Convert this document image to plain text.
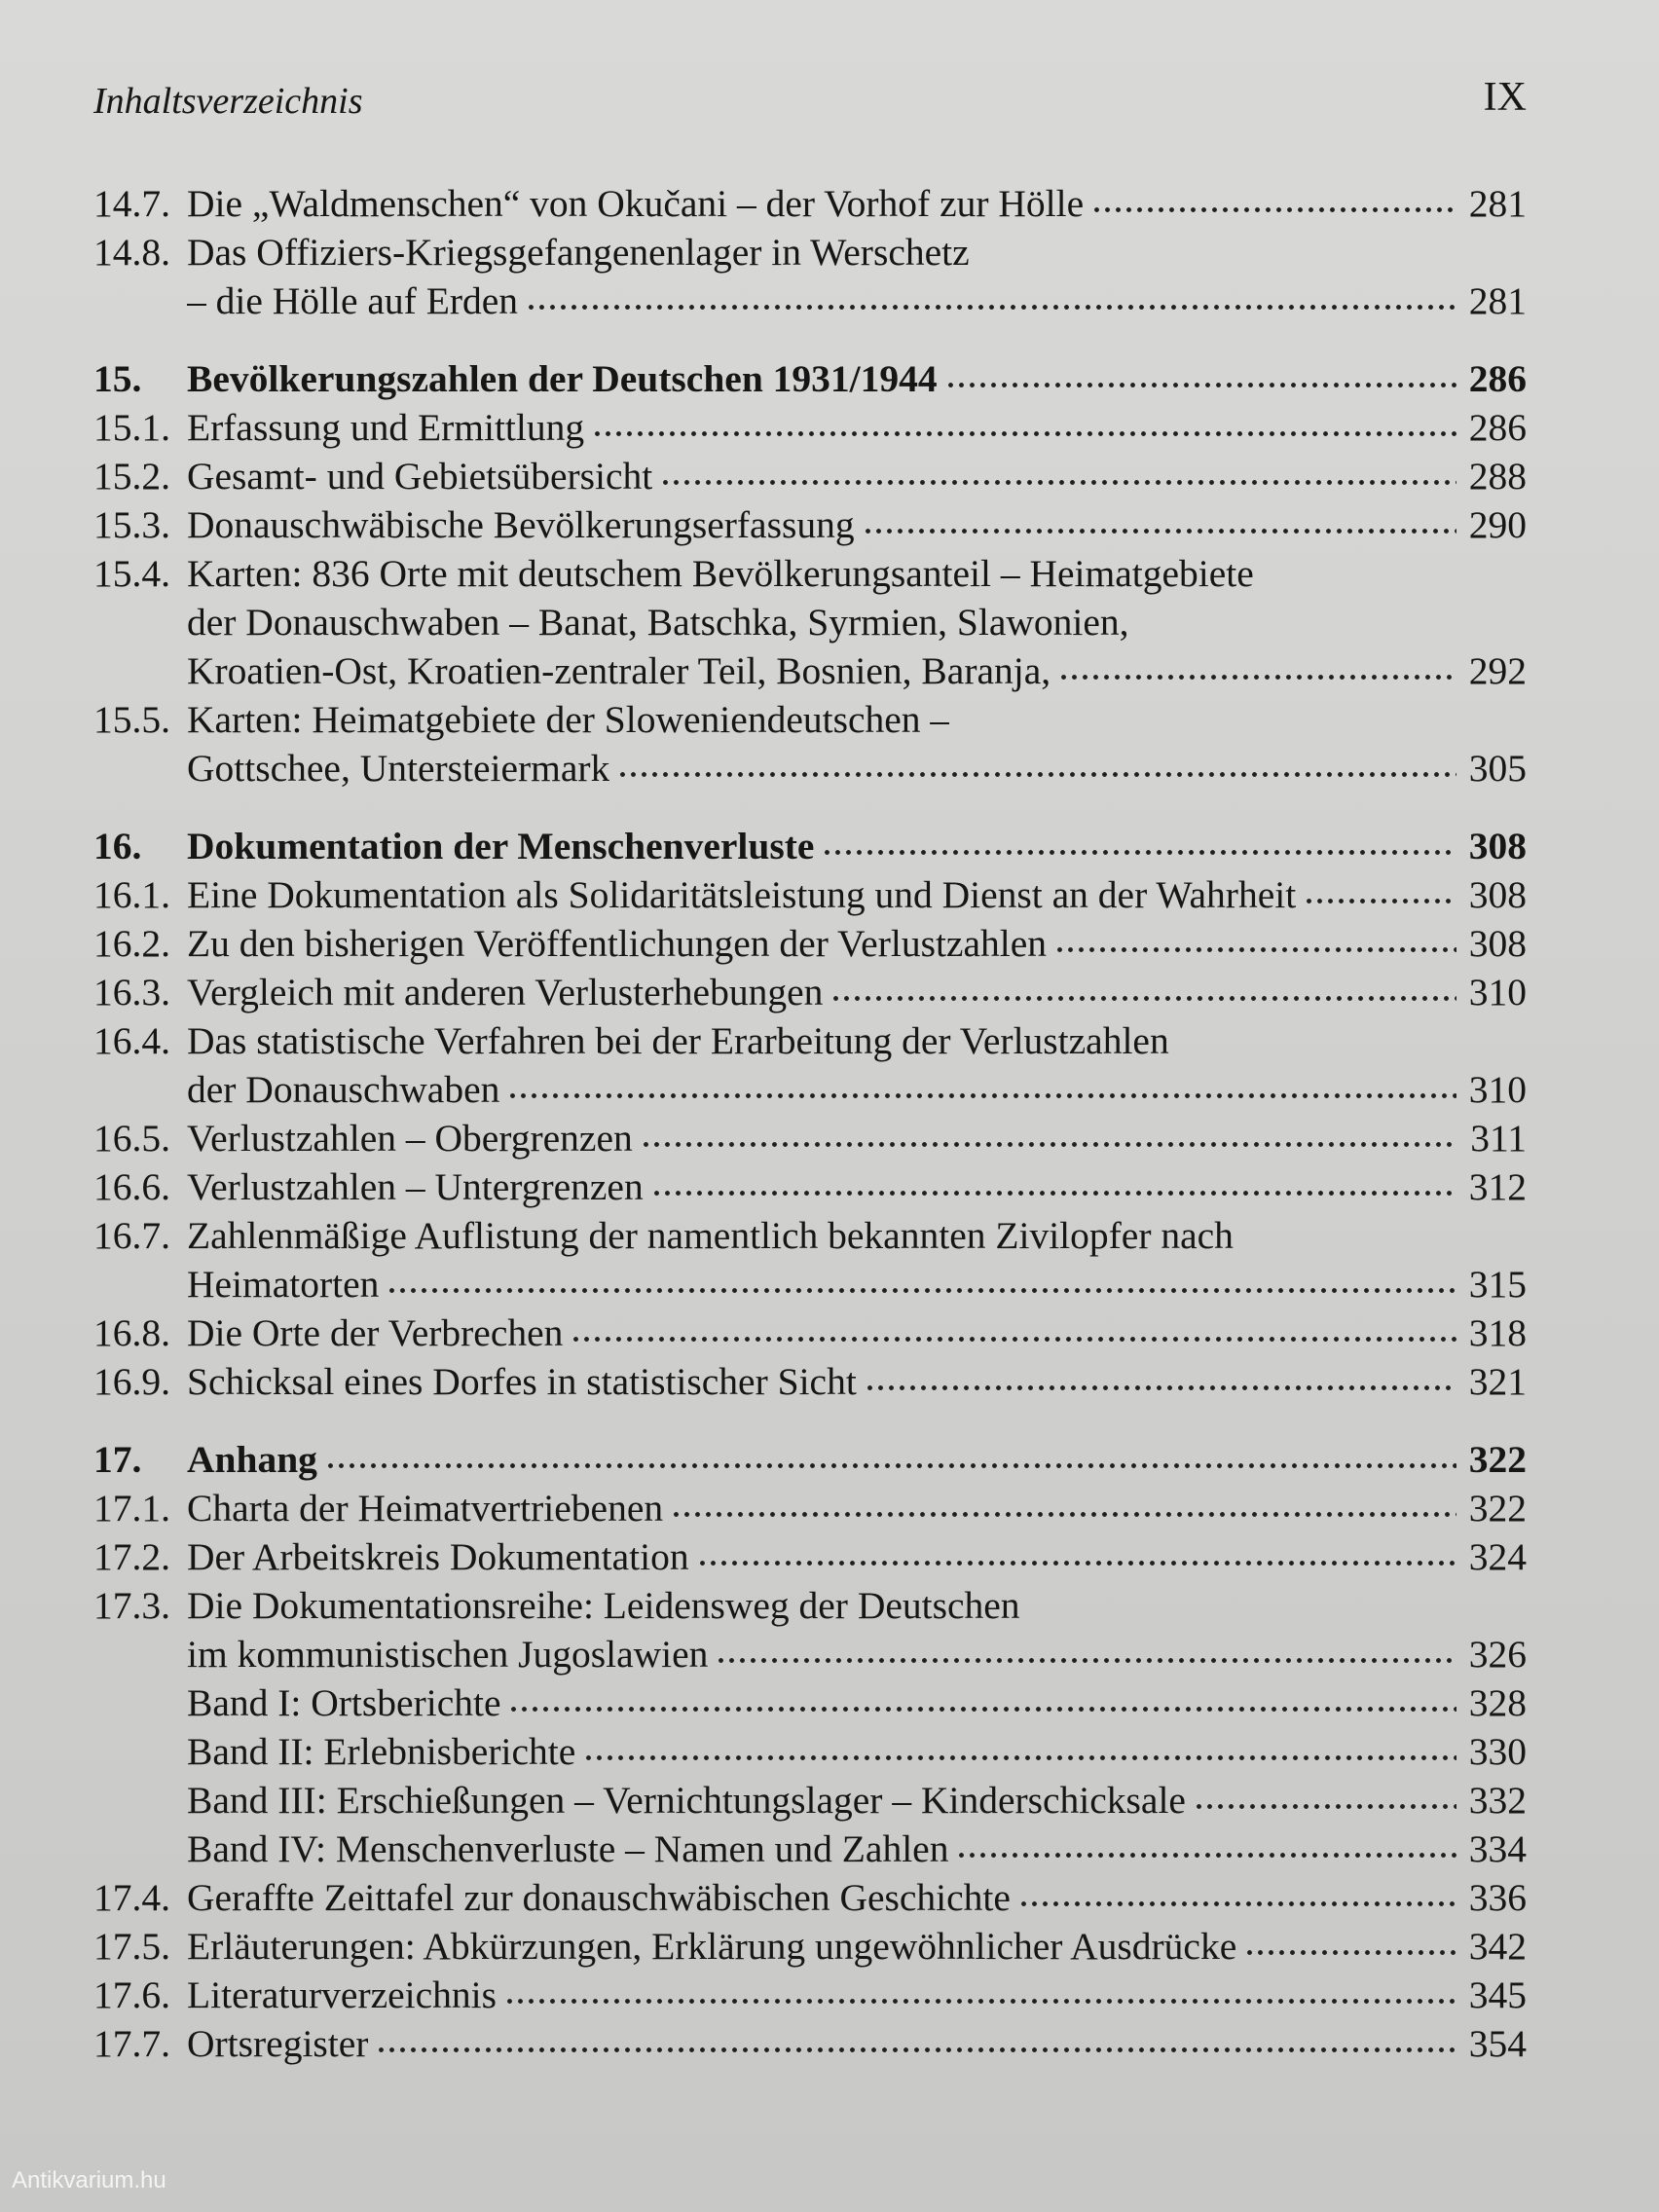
Inhaltsverzeichnis	IX
14.7. Die „Waldmenschen“ von Okučani – der Vorhof zur Hölle	281
14.8. Das Offiziers-Kriegsgefangenenlager in Werschetz
– die Hölle auf Erden	281
15.	Bevölkerungszahlen der Deutschen 1931/1944	286
15.1. Erfassung und Ermittlung	286
15.2. Gesamt- und Gebietsübersicht	288
15.3. Donauschwäbische Bevölkerungserfassung	290
15.4. Karten: 836 Orte mit deutschem Bevölkerungsanteil – Heimatgebiete
der Donauschwaben – Banat, Batschka, Syrmien, Slawonien,
Kroatien-Ost, Kroatien-zentraler Teil, Bosnien, Baranja,	292
15.5. Karten: Heimatgebiete der Sloweniendeutschen –
Gottschee, Untersteiermark	305
16.	Dokumentation der Menschenverluste	308
16.1. Eine Dokumentation als Solidaritätsleistung und Dienst an der Wahrheit	308
16.2. Zu den bisherigen Veröffentlichungen der Verlustzahlen	308
16.3. Vergleich mit anderen Verlusterhebungen	310
16.4. Das statistische Verfahren bei der Erarbeitung der Verlustzahlen
der Donauschwaben	310
16.5. Verlustzahlen – Obergrenzen	311
16.6. Verlustzahlen – Untergrenzen	312
16.7. Zahlenmäßige Auflistung der namentlich bekannten Zivilopfer nach
Heimatorten	315
16.8. Die Orte der Verbrechen	318
16.9. Schicksal eines Dorfes in statistischer Sicht	321
17.	Anhang	322
17.1. Charta der Heimatvertriebenen	322
17.2. Der Arbeitskreis Dokumentation	324
17.3. Die Dokumentationsreihe: Leidensweg der Deutschen
im kommunistischen Jugoslawien	326
Band I: Ortsberichte	328
Band II: Erlebnisberichte	330
Band III: Erschießungen – Vernichtungslager – Kinderschicksale	332
Band IV: Menschenverluste – Namen und Zahlen	334
17.4. Geraffte Zeittafel zur donauschwäbischen Geschichte	336
17.5. Erläuterungen: Abkürzungen, Erklärung ungewöhnlicher Ausdrücke	342
17.6. Literaturverzeichnis	345
17.7. Ortsregister	354
Antikvarium.hu
